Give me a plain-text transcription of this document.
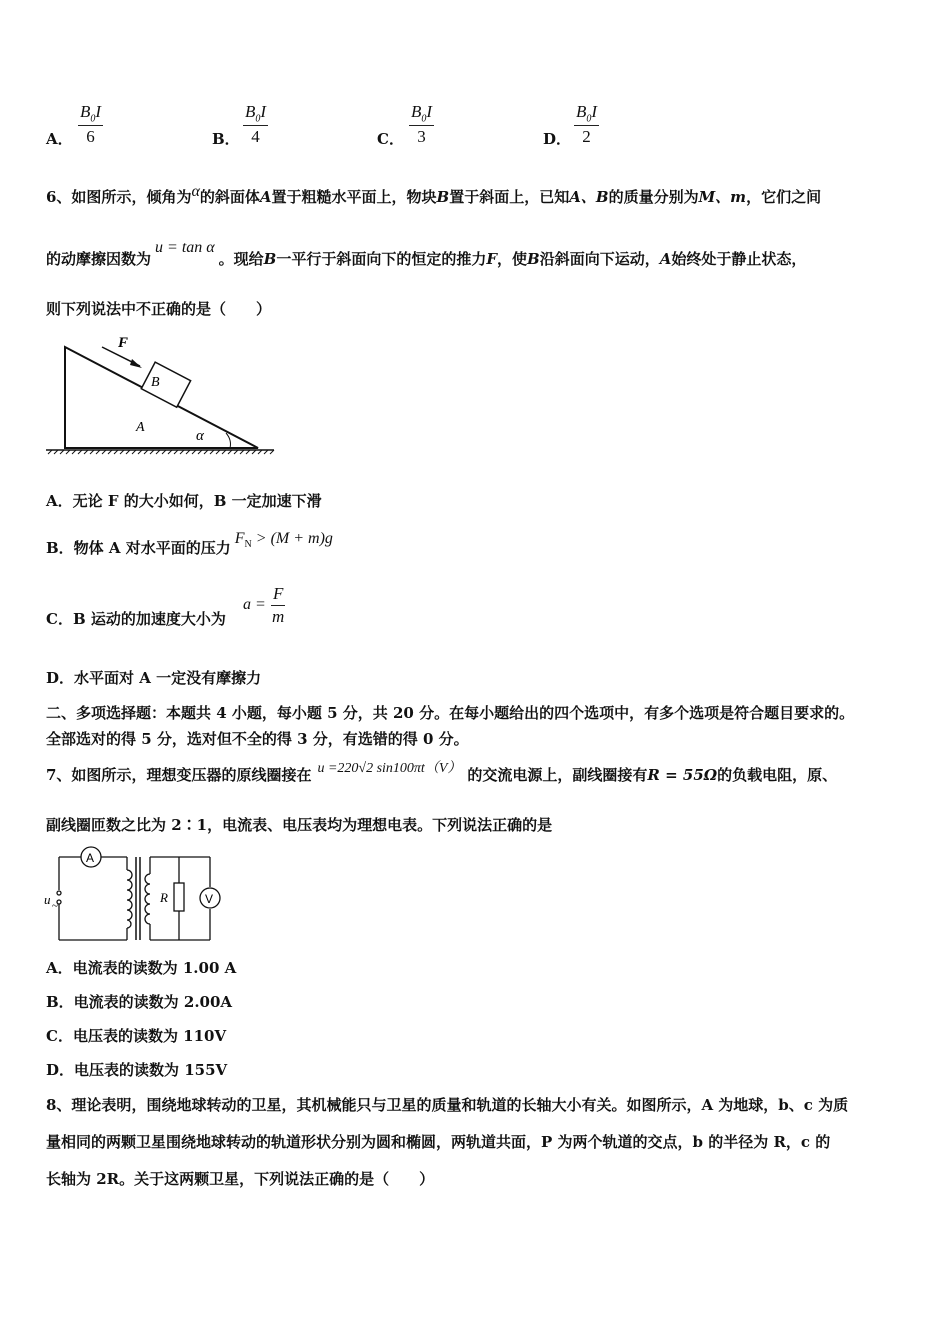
A．
$B_0I$
6	B．
$B_0I$
4	C．
$B_0I$
3	D．
$B_0I$
2
6、如图所示，倾角为α的斜面体A置于粗糙水平面上，物块B置于斜面上，已知A、B的质量分别为M、m，它们之间
的动摩擦因数为u = tan α。现给B一平行于斜面向下的恒定的推力F，使B沿斜面向下运动，A始终处于静止状态，
则下列说法中不正确的是（　　）
F
B
A
α
A．无论 F 的大小如何，B 一定加速下滑
B．物体 A 对水平面的压力$F_N > (M + m)g$
C．B 运动的加速度大小为
a =
F
m
D．水平面对 A 一定没有摩擦力
二、多项选择题：本题共 4 小题，每小题 5 分，共 20 分。在每小题给出的四个选项中，有多个选项是符合题目要求的。
全部选对的得 5 分，选对但不全的得 3 分，有选错的得 0 分。
7、如图所示，理想变压器的原线圈接在 u =220√2 sin100πt（V） 的交流电源上，副线圈接有R = 55Ω的负载电阻，原、
副线圈匝数之比为 2∶1，电流表、电压表均为理想电表。下列说法正确的是
A
V
R
u ~
A．电流表的读数为 1.00 A
B．电流表的读数为 2.00A
C．电压表的读数为 110V
D．电压表的读数为 155V
8、理论表明，围绕地球转动的卫星，其机械能只与卫星的质量和轨道的长轴大小有关。如图所示，A 为地球，b、c 为质
量相同的两颗卫星围绕地球转动的轨道形状分别为圆和椭圆，两轨道共面，P 为两个轨道的交点，b 的半径为 R，c 的
长轴为 2R。关于这两颗卫星，下列说法正确的是（　　）
